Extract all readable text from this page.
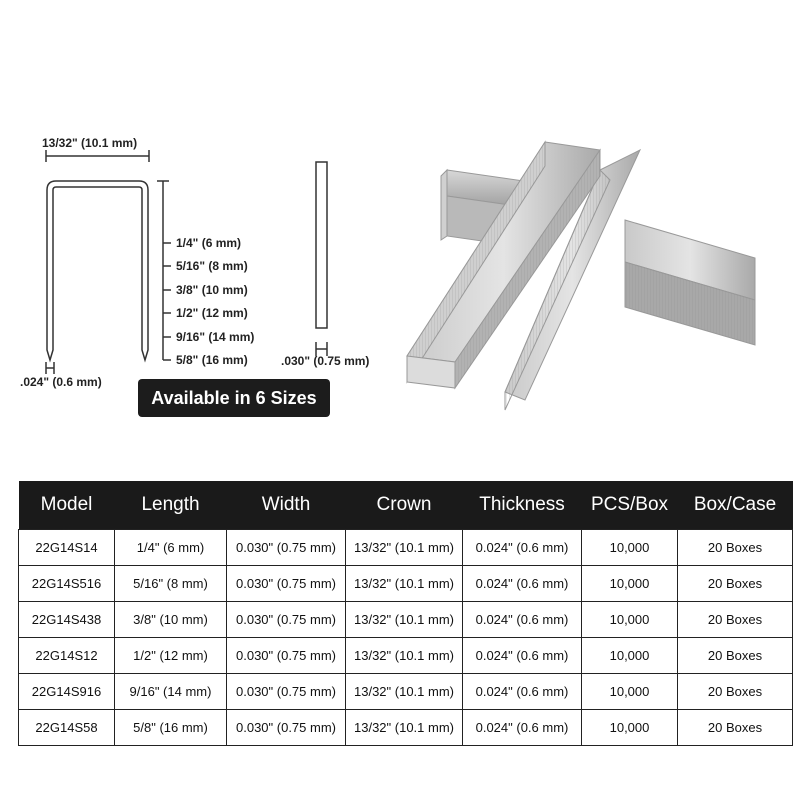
13/32" (10.1 mm)
1/4" (6 mm)
5/16" (8 mm)
3/8" (10 mm)
1/2" (12 mm)
9/16" (14 mm)
5/8" (16 mm)
.024" (0.6 mm)
.030" (0.75 mm)
Available in 6 Sizes
Model	Length	Width	Crown	Thickness	PCS/Box	Box/Case
22G14S14	1/4" (6 mm)	0.030" (0.75 mm)	13/32" (10.1 mm)	0.024" (0.6 mm)	10,000	20 Boxes
22G14S516	5/16" (8 mm)	0.030" (0.75 mm)	13/32" (10.1 mm)	0.024" (0.6 mm)	10,000	20 Boxes
22G14S438	3/8" (10 mm)	0.030" (0.75 mm)	13/32" (10.1 mm)	0.024" (0.6 mm)	10,000	20 Boxes
22G14S12	1/2" (12 mm)	0.030" (0.75 mm)	13/32" (10.1 mm)	0.024" (0.6 mm)	10,000	20 Boxes
22G14S916	9/16" (14 mm)	0.030" (0.75 mm)	13/32" (10.1 mm)	0.024" (0.6 mm)	10,000	20 Boxes
22G14S58	5/8" (16 mm)	0.030" (0.75 mm)	13/32" (10.1 mm)	0.024" (0.6 mm)	10,000	20 Boxes
